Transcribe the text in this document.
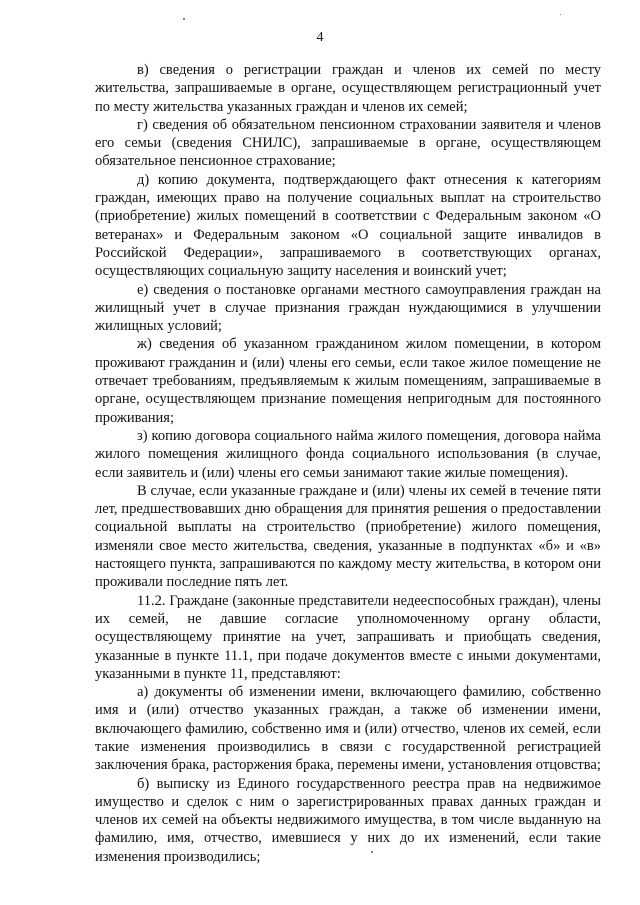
4

в) сведения о регистрации граждан и членов их семей по месту жительства, запрашиваемые в органе, осуществляющем регистрационный учет по месту жительства указанных граждан и членов их семей;

г) сведения об обязательном пенсионном страховании заявителя и членов его семьи (сведения СНИЛС), запрашиваемые в органе, осуществляющем обязательное пенсионное страхование;

д) копию документа, подтверждающего факт отнесения к категориям граждан, имеющих право на получение социальных выплат на строительство (приобретение) жилых помещений в соответствии с Федеральным законом «О ветеранах» и Федеральным законом «О социальной защите инвалидов в Российской Федерации», запрашиваемого в соответствующих органах, осуществляющих социальную защиту населения и воинский учет;

е) сведения о постановке органами местного самоуправления граждан на жилищный учет в случае признания граждан нуждающимися в улучшении жилищных условий;

ж) сведения об указанном гражданином жилом помещении, в котором проживают гражданин и (или) члены его семьи, если такое жилое помещение не отвечает требованиям, предъявляемым к жилым помещениям, запрашиваемые в органе, осуществляющем признание помещения непригодным для постоянного проживания;

з) копию договора социального найма жилого помещения, договора найма жилого помещения жилищного фонда социального использования (в случае, если заявитель и (или) члены его семьи занимают такие жилые помещения).

В случае, если указанные граждане и (или) члены их семей в течение пяти лет, предшествовавших дню обращения для принятия решения о предоставлении социальной выплаты на строительство (приобретение) жилого помещения, изменяли свое место жительства, сведения, указанные в подпунктах «б» и «в» настоящего пункта, запрашиваются по каждому месту жительства, в котором они проживали последние пять лет.

11.2. Граждане (законные представители недееспособных граждан), члены их семей, не давшие согласие уполномоченному органу области, осуществляющему принятие на учет, запрашивать и приобщать сведения, указанные в пункте 11.1, при подаче документов вместе с иными документами, указанными в пункте 11, представляют:

а) документы об изменении имени, включающего фамилию, собственно имя и (или) отчество указанных граждан, а также об изменении имени, включающего фамилию, собственно имя и (или) отчество, членов их семей, если такие изменения производились в связи с государственной регистрацией заключения брака, расторжения брака, перемены имени, установления отцовства;

б) выписку из Единого государственного реестра прав на недвижимое имущество и сделок с ним о зарегистрированных правах данных граждан и членов их семей на объекты недвижимого имущества, в том числе выданную на фамилию, имя, отчество, имевшиеся у них до их изменений, если такие изменения производились;
